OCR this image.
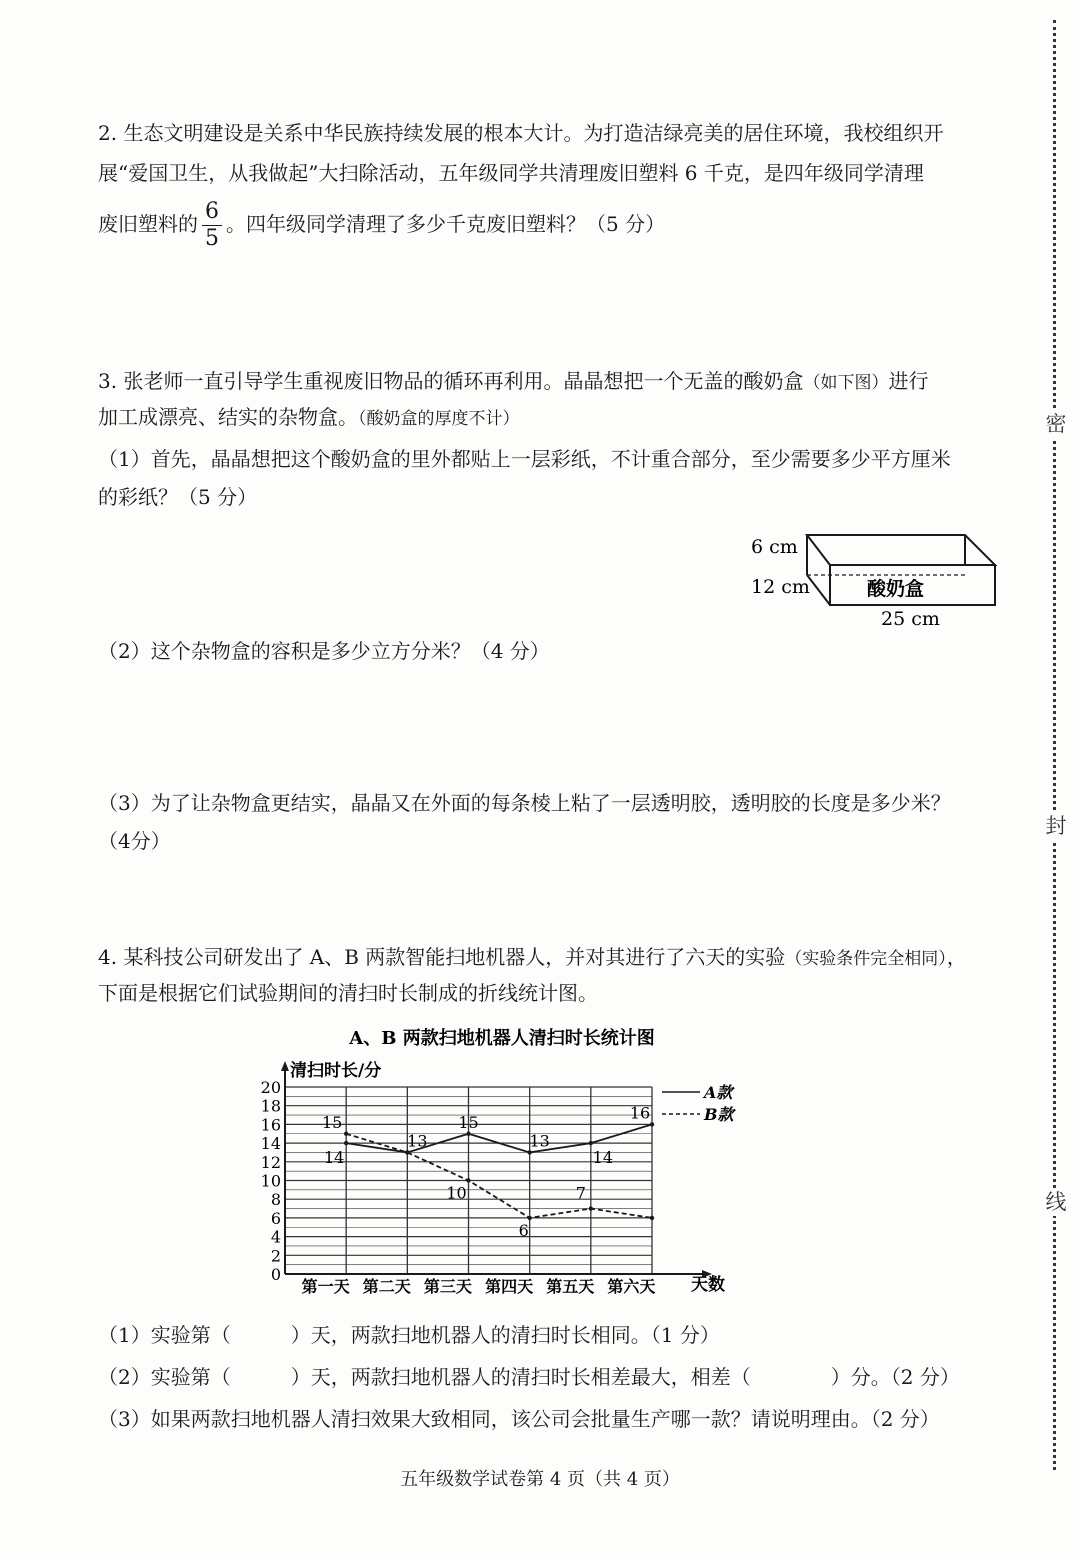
密
封
线
2. 生态文明建设是关系中华民族持续发展的根本大计。为打造洁绿亮美的居住环境，我校组织开
展“爱国卫生，从我做起”大扫除活动，五年级同学共清理废旧塑料 6 千克，是四年级同学清理
废旧塑料的 $\frac{6}{5}$ 。四年级同学清理了多少千克废旧塑料？（5 分）
3. 张老师一直引导学生重视废旧物品的循环再利用。晶晶想把一个无盖的酸奶盒（如下图）进行
加工成漂亮、结实的杂物盒。（酸奶盒的厚度不计）
（1）首先，晶晶想把这个酸奶盒的里外都贴上一层彩纸，不计重合部分，至少需要多少平方厘米
的彩纸？（5 分）
6 cm
12 cm	酸奶盒
25 cm
（2）这个杂物盒的容积是多少立方分米？（4 分）
（3）为了让杂物盒更结实，晶晶又在外面的每条棱上粘了一层透明胶，透明胶的长度是多少米？
（4分）
4. 某科技公司研发出了 A、B 两款智能扫地机器人，并对其进行了六天的实验（实验条件完全相同），
下面是根据它们试验期间的清扫时长制成的折线统计图。
A、B 两款扫地机器人清扫时长统计图
清扫时长/分
天数
0
2
4
6
8
10
12
14
16
18
20
第一天 第二天 第三天 第四天 第五天 第六天
14
13
15
13
14
16
15
10
6
7
A款
B款
（1）实验第（	）天，两款扫地机器人的清扫时长相同。（1 分）
（2）实验第（	）天，两款扫地机器人的清扫时长相差最大，相差（	）分。（2 分）
（3）如果两款扫地机器人清扫效果大致相同，该公司会批量生产哪一款？请说明理由。（2 分）
五年级数学试卷第 4 页（共 4 页）
